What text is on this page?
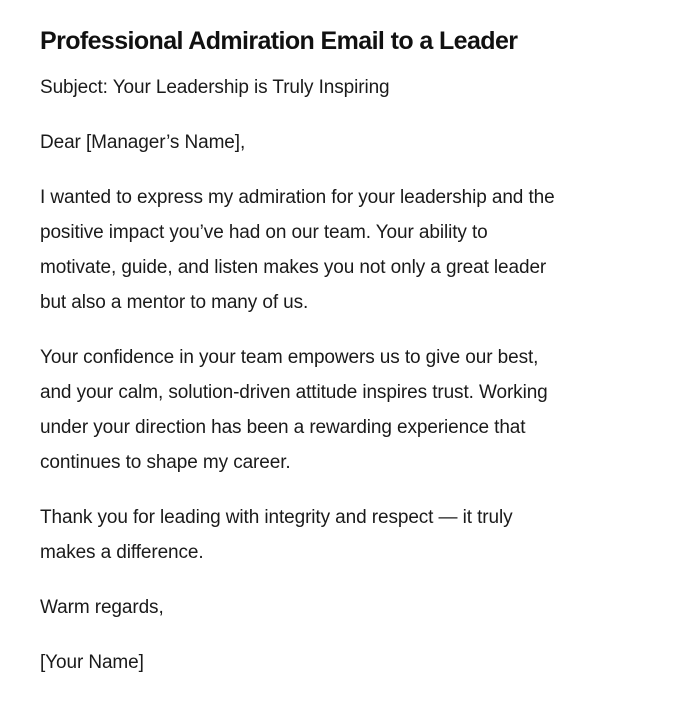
Professional Admiration Email to a Leader

Subject: Your Leadership is Truly Inspiring

Dear [Manager’s Name],

I wanted to express my admiration for your leadership and the
positive impact you’ve had on our team. Your ability to
motivate, guide, and listen makes you not only a great leader
but also a mentor to many of us.

Your confidence in your team empowers us to give our best,
and your calm, solution-driven attitude inspires trust. Working
under your direction has been a rewarding experience that
continues to shape my career.

Thank you for leading with integrity and respect — it truly
makes a difference.

Warm regards,

[Your Name]
